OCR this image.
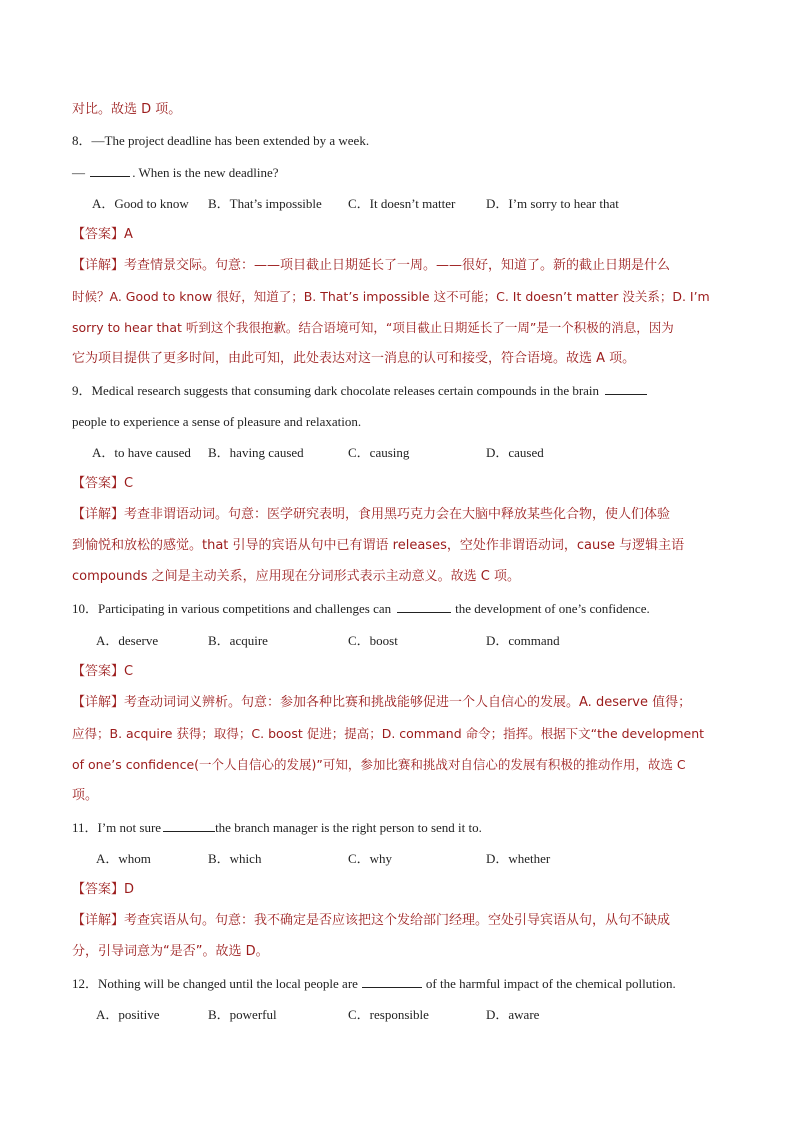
对比。故选 D 项。
8．—The project deadline has been extended by a week.
—	. When is the new deadline?
A．Good to know B．That’s impossible C．It doesn’t matter D．I’m sorry to hear that
【答案】A
【详解】考查情景交际。句意：——项目截止日期延长了一周。——很好，知道了。新的截止日期是什么
时候？A. Good to know 很好，知道了；B. That’s impossible 这不可能；C. It doesn’t matter 没关系；D. I’m
sorry to hear that 听到这个我很抱歉。结合语境可知，“项目截止日期延长了一周”是一个积极的消息，因为
它为项目提供了更多时间，由此可知，此处表达对这一消息的认可和接受，符合语境。故选 A 项。
9．Medical research suggests that consuming dark chocolate releases certain compounds in the brain
people to experience a sense of pleasure and relaxation.
A．to have caused B．having caused	C．causing	D．caused
【答案】C
【详解】考查非谓语动词。句意：医学研究表明，食用黑巧克力会在大脑中释放某些化合物，使人们体验
到愉悦和放松的感觉。that 引导的宾语从句中已有谓语 releases，空处作非谓语动词，cause 与逻辑主语
compounds 之间是主动关系，应用现在分词形式表示主动意义。故选 C 项。
10．Participating in various competitions and challenges can	the development of one’s confidence.
A．deserve	B．acquire	C．boost	D．command
【答案】C
【详解】考查动词词义辨析。句意：参加各种比赛和挑战能够促进一个人自信心的发展。A. deserve 值得；
应得；B. acquire 获得；取得；C. boost 促进；提高；D. command 命令；指挥。根据下文“the development
of one’s confidence(一个人自信心的发展)”可知，参加比赛和挑战对自信心的发展有积极的推动作用，故选 C
项。
11．I’m not sure	the branch manager is the right person to send it to.
A．whom	B．which	C．why	D．whether
【答案】D
【详解】考查宾语从句。句意：我不确定是否应该把这个发给部门经理。空处引导宾语从句，从句不缺成
分，引导词意为“是否”。故选 D。
12．Nothing will be changed until the local people are	of the harmful impact of the chemical pollution.
A．positive	B．powerful	C．responsible	D．aware
